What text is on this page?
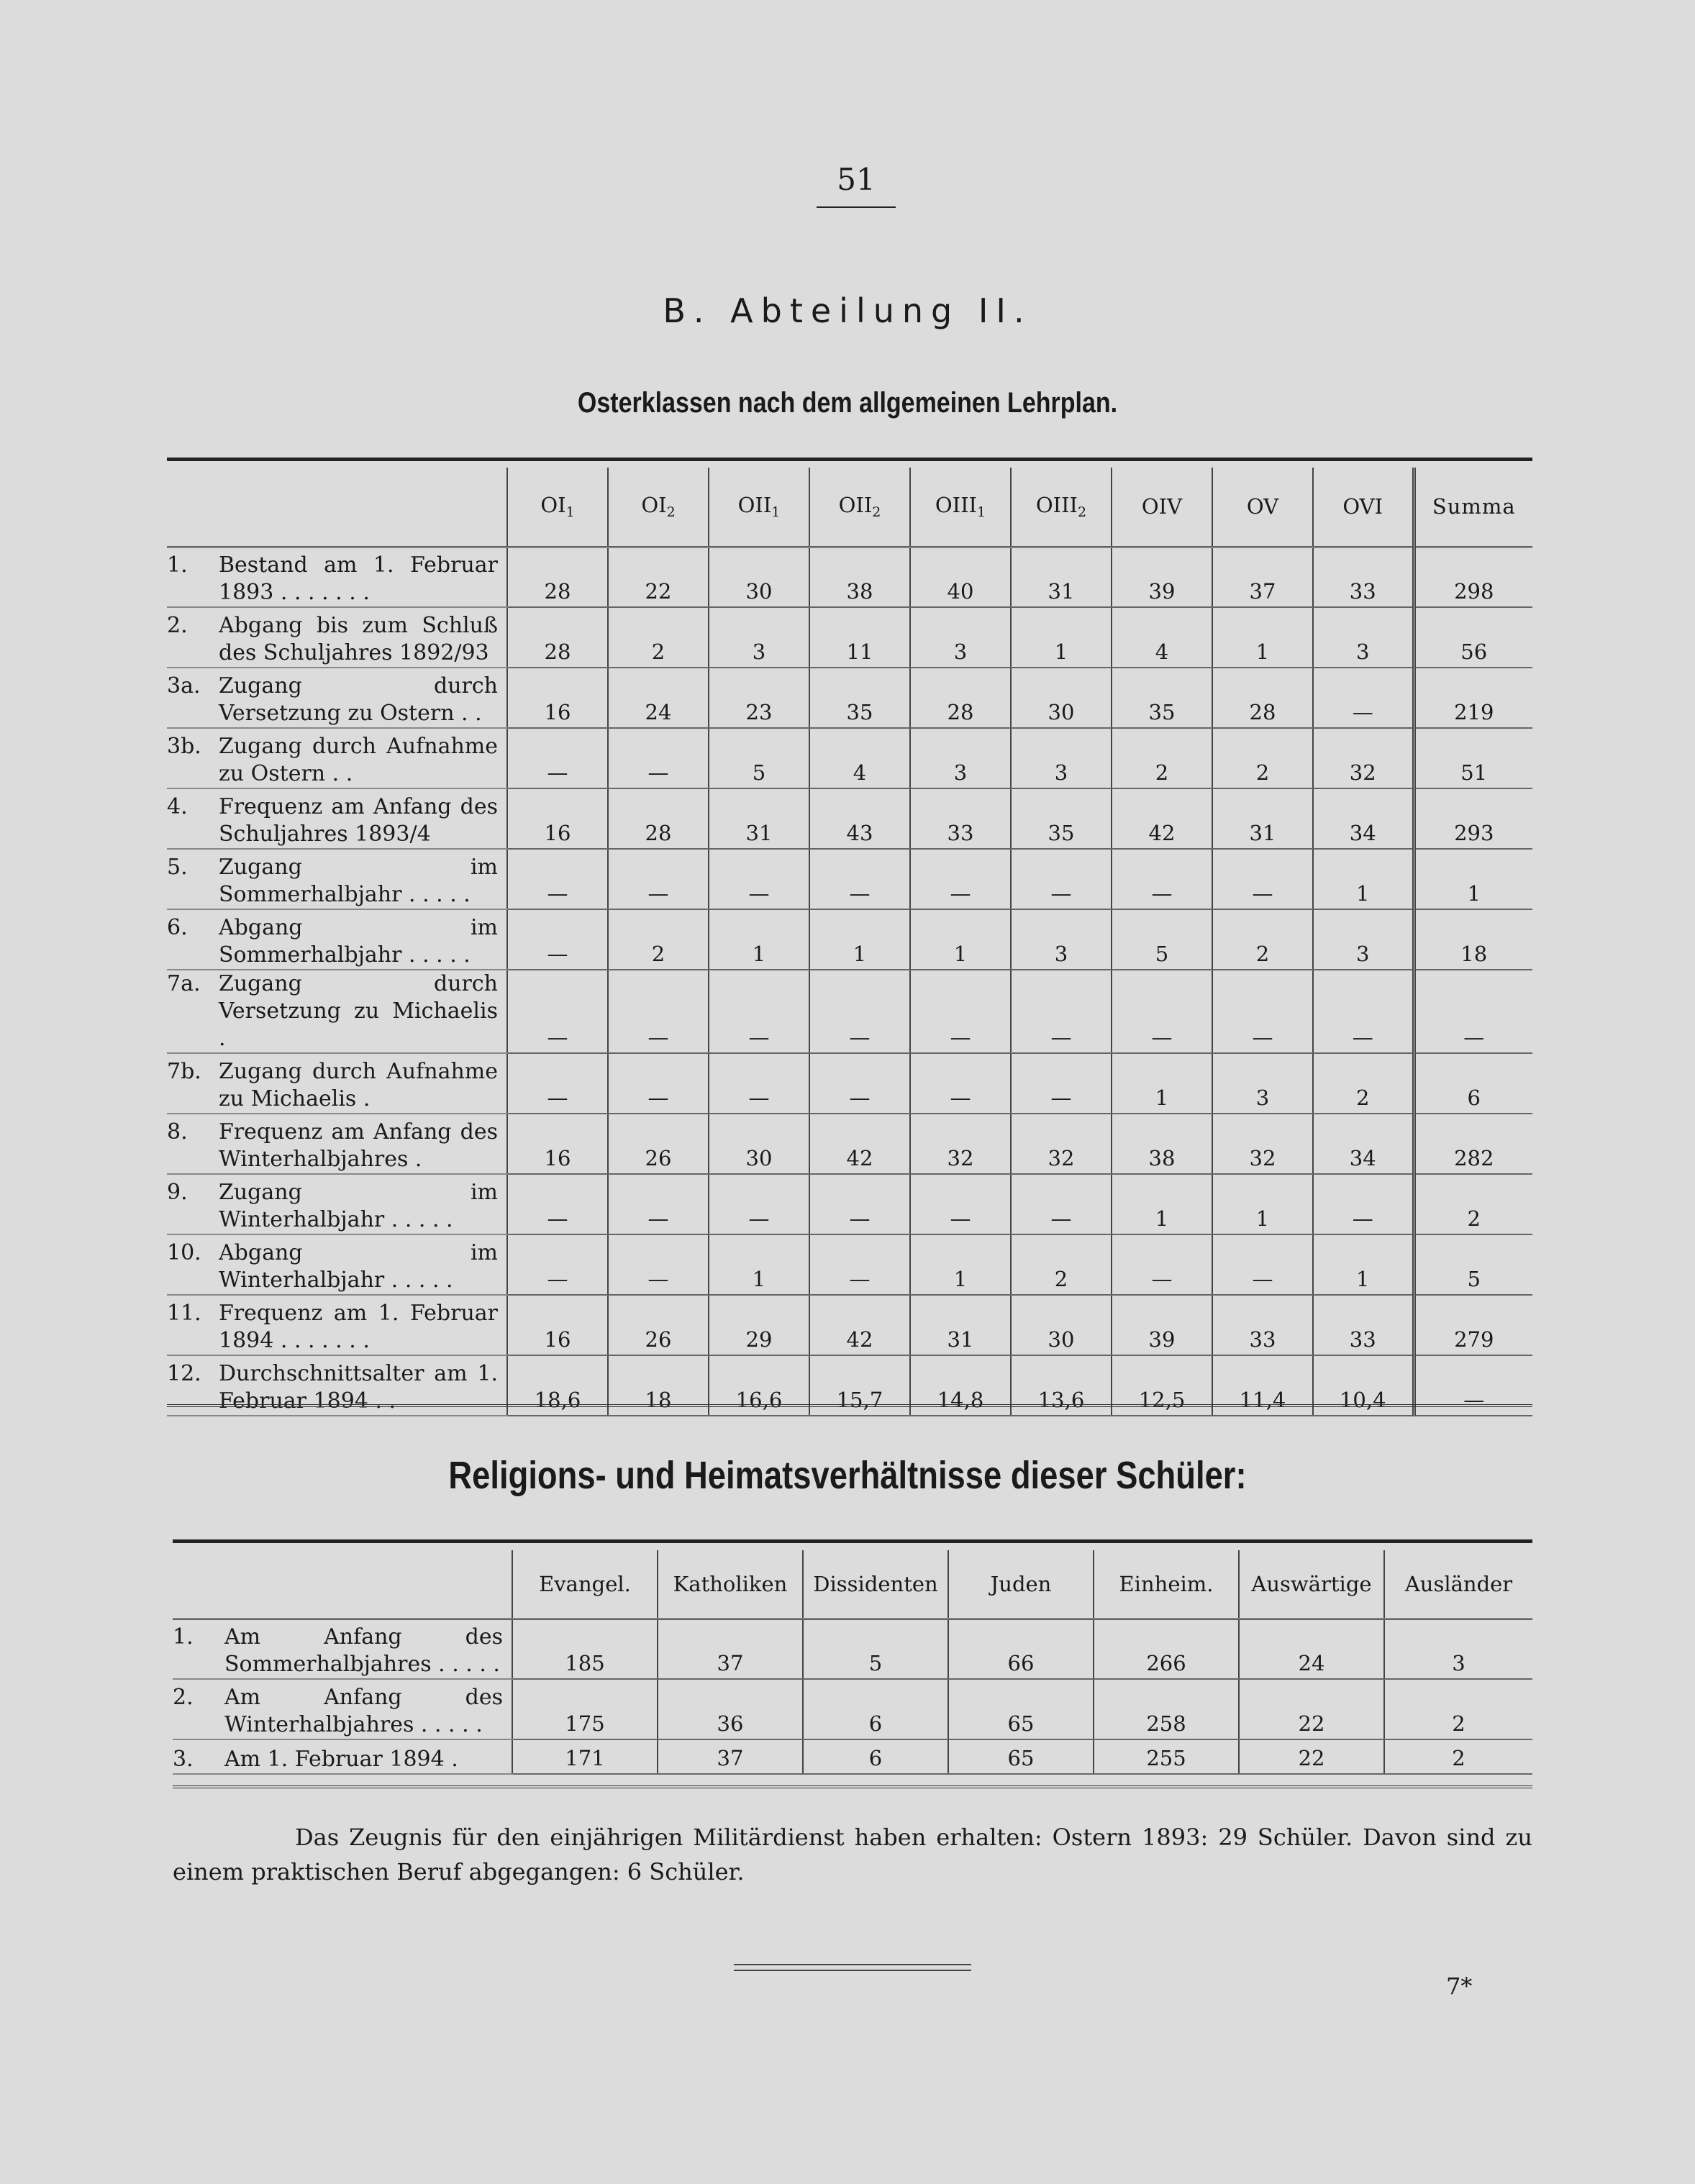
51
B. Abteilung II.
Osterklassen nach dem allgemeinen Lehrplan.
	$OI_1$	$OI_2$	$OII_1$	$OII_2$	$OIII_1$	$OIII_2$	OIV	OV	OVI	Summa

1. Bestand am 1. Februar 1893 . . . . . . .	28	22	30	38	40	31	39	37	33	298

2. Abgang bis zum Schluß des Schuljahres 1892/93	28	2	3	11	3	1	4	1	3	56

3a. Zugang durch Versetzung zu Ostern . .	16	24	23	35	28	30	35	28	—	219

3b. Zugang durch Aufnahme zu Ostern . .	—	—	5	4	3	3	2	2	32	51

4. Frequenz am Anfang des Schuljahres 1893/4	16	28	31	43	33	35	42	31	34	293

5. Zugang im Sommerhalbjahr . . . . .	—	—	—	—	—	—	—	—	1	1

6. Abgang im Sommerhalbjahr . . . . .	—	2	1	1	1	3	5	2	3	18

7a. Zugang durch Versetzung zu Michaelis .	—	—	—	—	—	—	—	—	—	—

7b. Zugang durch Aufnahme zu Michaelis .	—	—	—	—	—	—	1	3	2	6

8. Frequenz am Anfang des Winterhalbjahres .	16	26	30	42	32	32	38	32	34	282

9. Zugang im Winterhalbjahr . . . . .	—	—	—	—	—	—	1	1	—	2

10. Abgang im Winterhalbjahr . . . . .	—	—	1	—	1	2	—	—	1	5

11. Frequenz am 1. Februar 1894 . . . . . . .	16	26	29	42	31	30	39	33	33	279

12. Durchschnittsalter am 1. Februar 1894 . .	18,6	18	16,6	15,7	14,8	13,6	12,5	11,4	10,4	—
Religions- und Heimatsverhältnisse dieser Schüler:
	Evangel.	Katholiken	Dissidenten	Juden	Einheim.	Auswärtige	Ausländer

1. Am Anfang des Sommerhalbjahres . . . . .	185	37	5	66	266	24	3

2. Am Anfang des Winterhalbjahres . . . . .	175	36	6	65	258	22	2

3. Am 1. Februar 1894 .	171	37	6	65	255	22	2
Das Zeugnis für den einjährigen Militärdienst haben erhalten: Ostern 1893: 29 Schüler. Davon sind zu einem praktischen Beruf abgegangen: 6 Schüler.
7*
